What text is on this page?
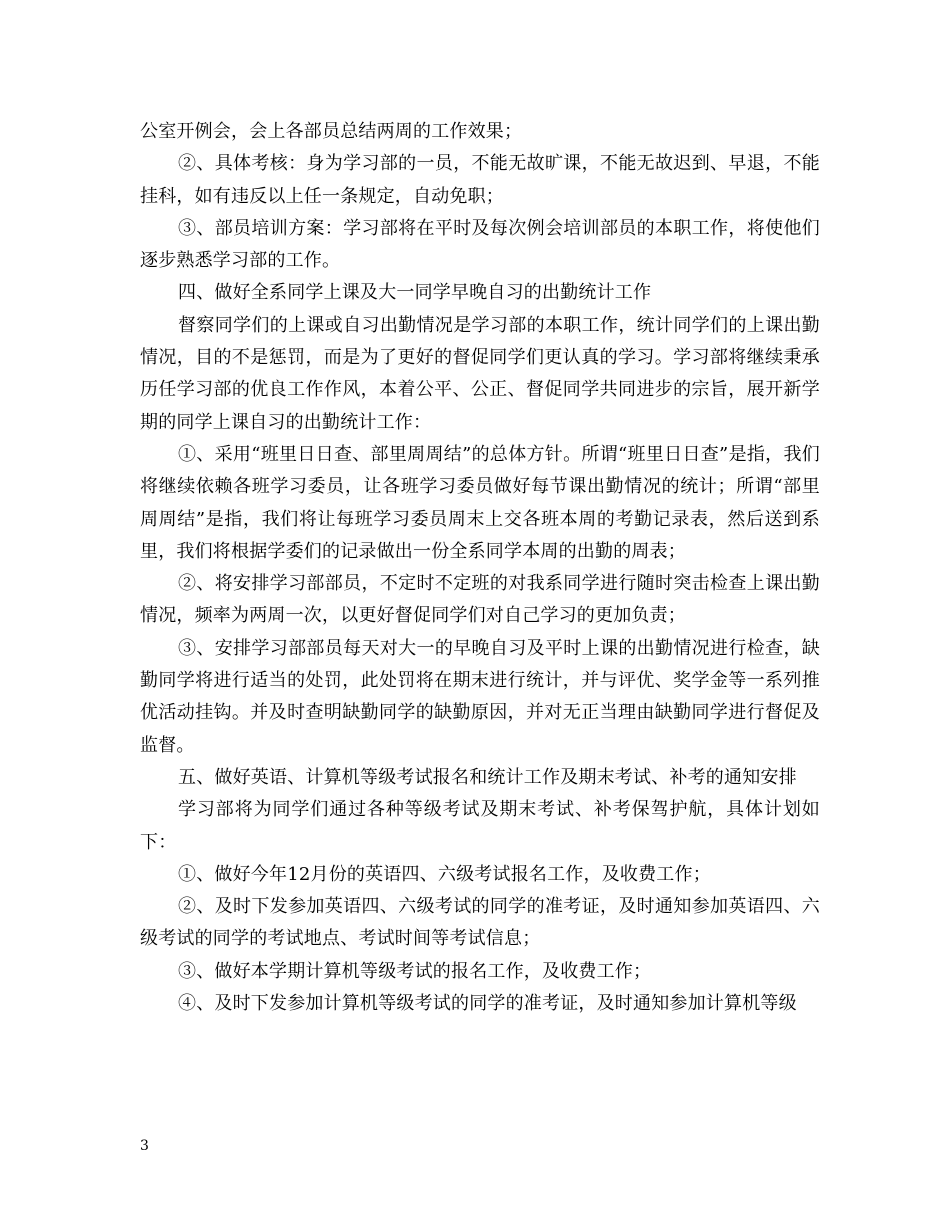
公室开例会，会上各部员总结两周的工作效果；

②、具体考核：身为学习部的一员，不能无故旷课，不能无故迟到、早退，不能挂科，如有违反以上任一条规定，自动免职；

③、部员培训方案：学习部将在平时及每次例会培训部员的本职工作，将使他们逐步熟悉学习部的工作。

四、做好全系同学上课及大一同学早晚自习的出勤统计工作

督察同学们的上课或自习出勤情况是学习部的本职工作，统计同学们的上课出勤情况，目的不是惩罚，而是为了更好的督促同学们更认真的学习。学习部将继续秉承历任学习部的优良工作作风，本着公平、公正、督促同学共同进步的宗旨，展开新学期的同学上课自习的出勤统计工作：

①、采用“班里日日查、部里周周结”的总体方针。所谓“班里日日查”是指，我们将继续依赖各班学习委员，让各班学习委员做好每节课出勤情况的统计；所谓“部里周周结”是指，我们将让每班学习委员周末上交各班本周的考勤记录表，然后送到系里，我们将根据学委们的记录做出一份全系同学本周的出勤的周表；

②、将安排学习部部员，不定时不定班的对我系同学进行随时突击检查上课出勤情况，频率为两周一次，以更好督促同学们对自己学习的更加负责；

③、安排学习部部员每天对大一的早晚自习及平时上课的出勤情况进行检查，缺勤同学将进行适当的处罚，此处罚将在期末进行统计，并与评优、奖学金等一系列推优活动挂钩。并及时查明缺勤同学的缺勤原因，并对无正当理由缺勤同学进行督促及监督。

五、做好英语、计算机等级考试报名和统计工作及期末考试、补考的通知安排

学习部将为同学们通过各种等级考试及期末考试、补考保驾护航，具体计划如下：

①、做好今年12月份的英语四、六级考试报名工作，及收费工作；

②、及时下发参加英语四、六级考试的同学的准考证，及时通知参加英语四、六级考试的同学的考试地点、考试时间等考试信息；

③、做好本学期计算机等级考试的报名工作，及收费工作；

④、及时下发参加计算机等级考试的同学的准考证，及时通知参加计算机等级

3
